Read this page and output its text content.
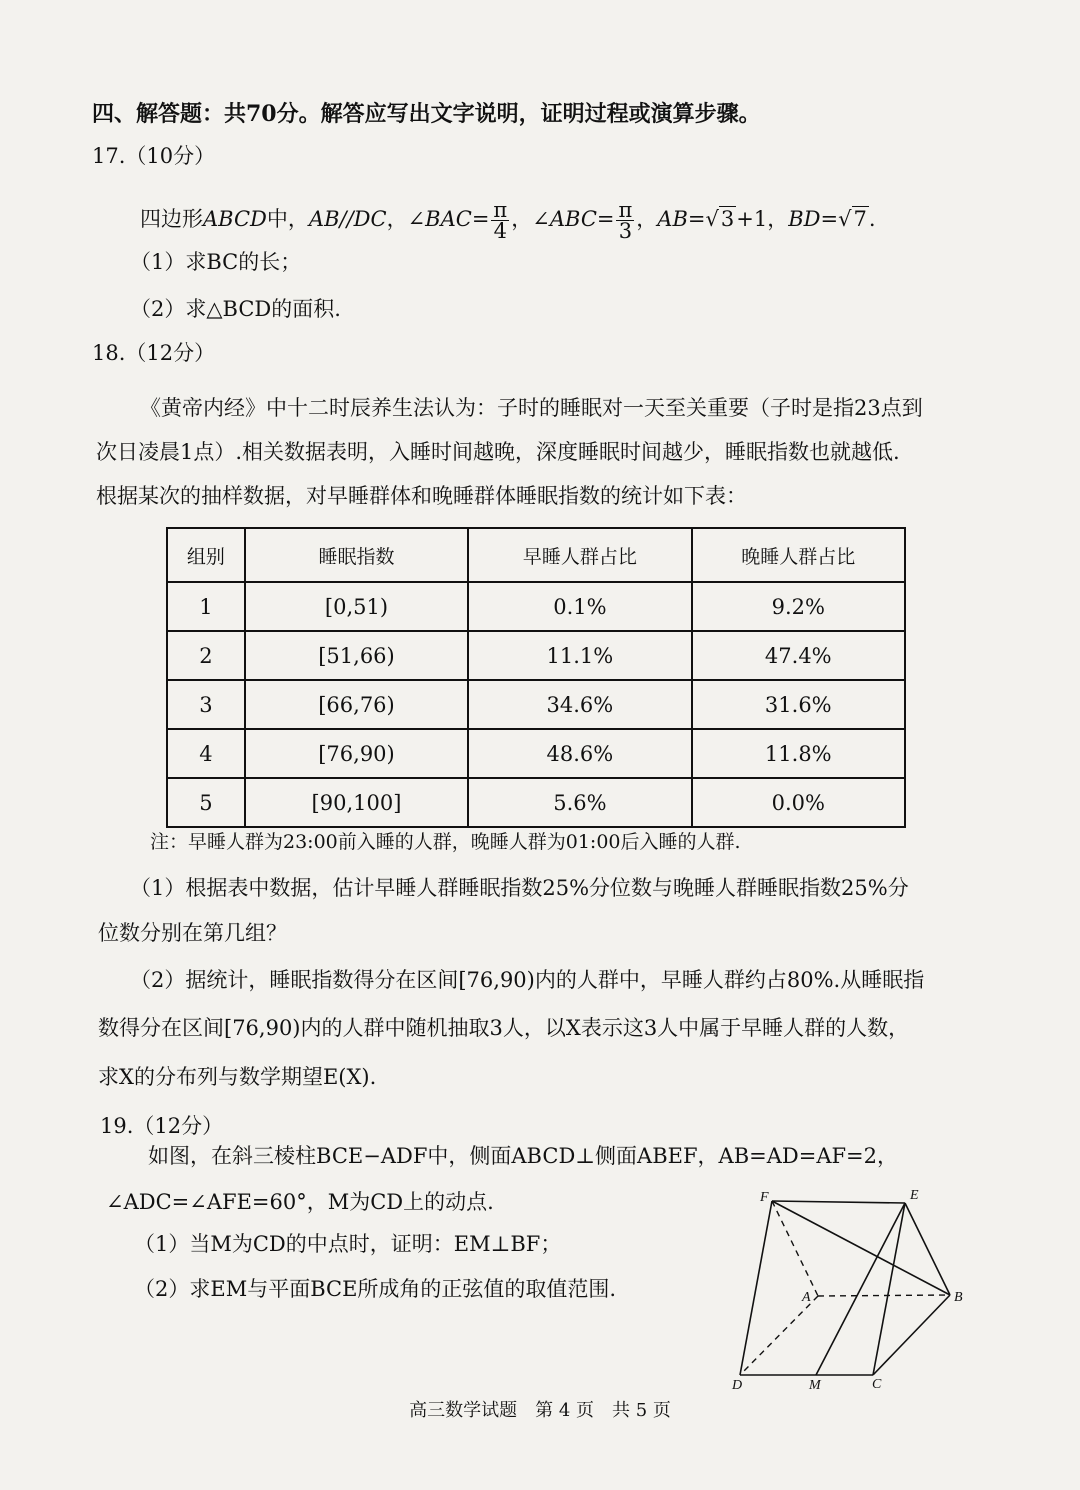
四、解答题：共70分。解答应写出文字说明，证明过程或演算步骤。
17.（10分）
四边形ABCD中，AB//DC，∠BAC= $\frac{\pi}{4}$ ，∠ABC= $\frac{\pi}{3}$ ，AB=√3+1，BD=√7.
（1）求BC的长；
（2）求△BCD的面积.
18.（12分）
《黄帝内经》中十二时辰养生法认为：子时的睡眠对一天至关重要（子时是指23点到
次日凌晨1点）.相关数据表明，入睡时间越晚，深度睡眠时间越少，睡眠指数也就越低.
根据某次的抽样数据，对早睡群体和晚睡群体睡眠指数的统计如下表：
组别	睡眠指数	早睡人群占比	晚睡人群占比
1	[0,51)	0.1%	9.2%
2	[51,66)	11.1%	47.4%
3	[66,76)	34.6%	31.6%
4	[76,90)	48.6%	11.8%
5	[90,100]	5.6%	0.0%
注：早睡人群为23:00前入睡的人群，晚睡人群为01:00后入睡的人群.
（1）根据表中数据，估计早睡人群睡眠指数25%分位数与晚睡人群睡眠指数25%分
位数分别在第几组？
（2）据统计，睡眠指数得分在区间[76,90)内的人群中，早睡人群约占80%.从睡眠指
数得分在区间[76,90)内的人群中随机抽取3人，以X表示这3人中属于早睡人群的人数，
求X的分布列与数学期望E(X).
19.（12分）
如图，在斜三棱柱BCE−ADF中，侧面ABCD⊥侧面ABEF，AB=AD=AF=2，
∠ADC=∠AFE=60°，M为CD上的动点.
（1）当M为CD的中点时，证明：EM⊥BF；
（2）求EM与平面BCE所成角的正弦值的取值范围.
F	E
A	B
D	M	C
高三数学试题　第 4 页　共 5 页
